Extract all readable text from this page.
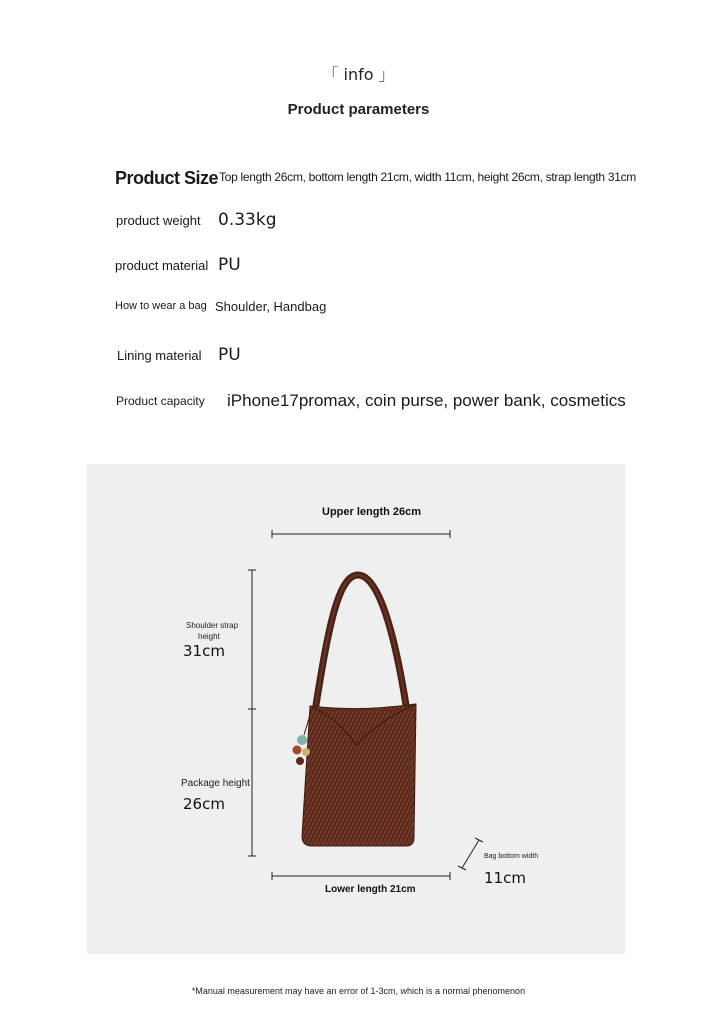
「 info 」
Product parameters
Product Size Top length 26cm, bottom length 21cm, width 11cm, height 26cm, strap length 31cm
product weight 0.33kg
product material PU
How to wear a bag Shoulder, Handbag
Lining material PU
Product capacity iPhone17promax, coin purse, power bank, cosmetics
Upper length 26cm
Shoulder strap
height
31cm
Package height
26cm
Lower length 21cm
Bag bottom width
11cm
*Manual measurement may have an error of 1-3cm, which is a normal phenomenon
